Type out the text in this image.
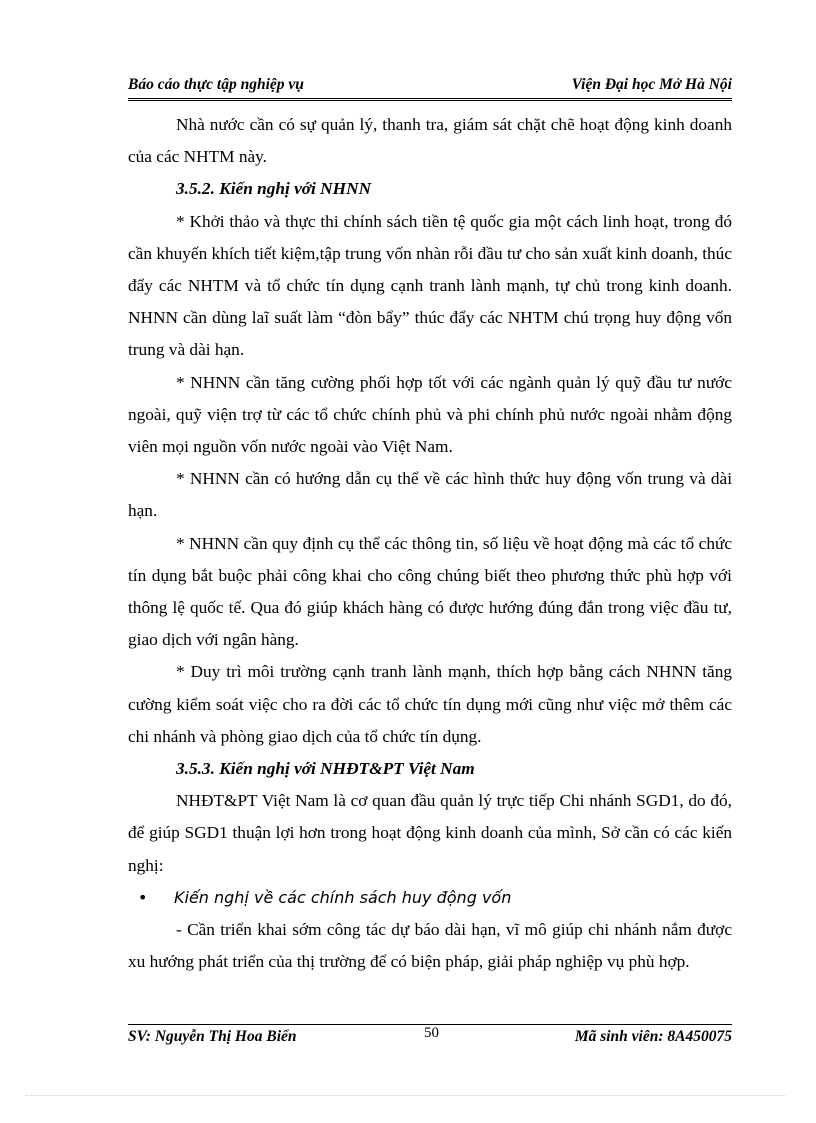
Báo cáo thực tập nghiệp vụ	Viện Đại học Mở Hà Nội

Nhà nước cần có sự quản lý, thanh tra, giám sát chặt chẽ hoạt động kinh doanh của các NHTM này.

3.5.2. Kiến nghị với NHNN

* Khởi thảo và thực thi chính sách tiền tệ quốc gia một cách linh hoạt, trong đó cần khuyến khích tiết kiệm,tập trung vốn nhàn rỗi đầu tư cho sản xuất kinh doanh, thúc đẩy các NHTM và tổ chức tín dụng cạnh tranh lành mạnh, tự chủ trong kinh doanh. NHNN cần dùng laĩ suất làm “đòn bẩy” thúc đẩy các NHTM chú trọng huy động vốn trung và dài hạn.

* NHNN cần tăng cường phối hợp tốt với các ngành quản lý quỹ đầu tư nước ngoài, quỹ viện trợ từ các tổ chức chính phủ và phi chính phủ nước ngoài nhằm động viên mọi nguồn vốn nước ngoài vào Việt Nam.

* NHNN cần có hướng dẫn cụ thể về các hình thức huy động vốn trung và dài hạn.

* NHNN cần quy định cụ thể các thông tin, số liệu về hoạt động mà các tổ chức tín dụng bắt buộc phải công khai cho công chúng biết theo phương thức phù hợp với thông lệ quốc tế. Qua đó giúp khách hàng có được hướng đúng đắn trong việc đầu tư, giao dịch với ngân hàng.

* Duy trì môi trường cạnh tranh lành mạnh, thích hợp bằng cách NHNN tăng cường kiểm soát việc cho ra đời các tổ chức tín dụng mới cũng như việc mở thêm các chi nhánh và phòng giao dịch của tổ chức tín dụng.

3.5.3. Kiến nghị với NHĐT&PT Việt Nam

NHĐT&PT Việt Nam là cơ quan đầu quản lý trực tiếp Chi nhánh SGD1, do đó, để giúp SGD1 thuận lợi hơn trong hoạt động kinh doanh của mình, Sở cần có các kiến nghị:

• Kiến nghị về các chính sách huy động vốn

- Cần triển khai sớm công tác dự báo dài hạn, vĩ mô giúp chi nhánh nắm được xu hướng phát triển của thị trường để có biện pháp, giải pháp nghiệp vụ phù hợp.

SV: Nguyễn Thị Hoa Biển	50	Mã sinh viên: 8A450075
